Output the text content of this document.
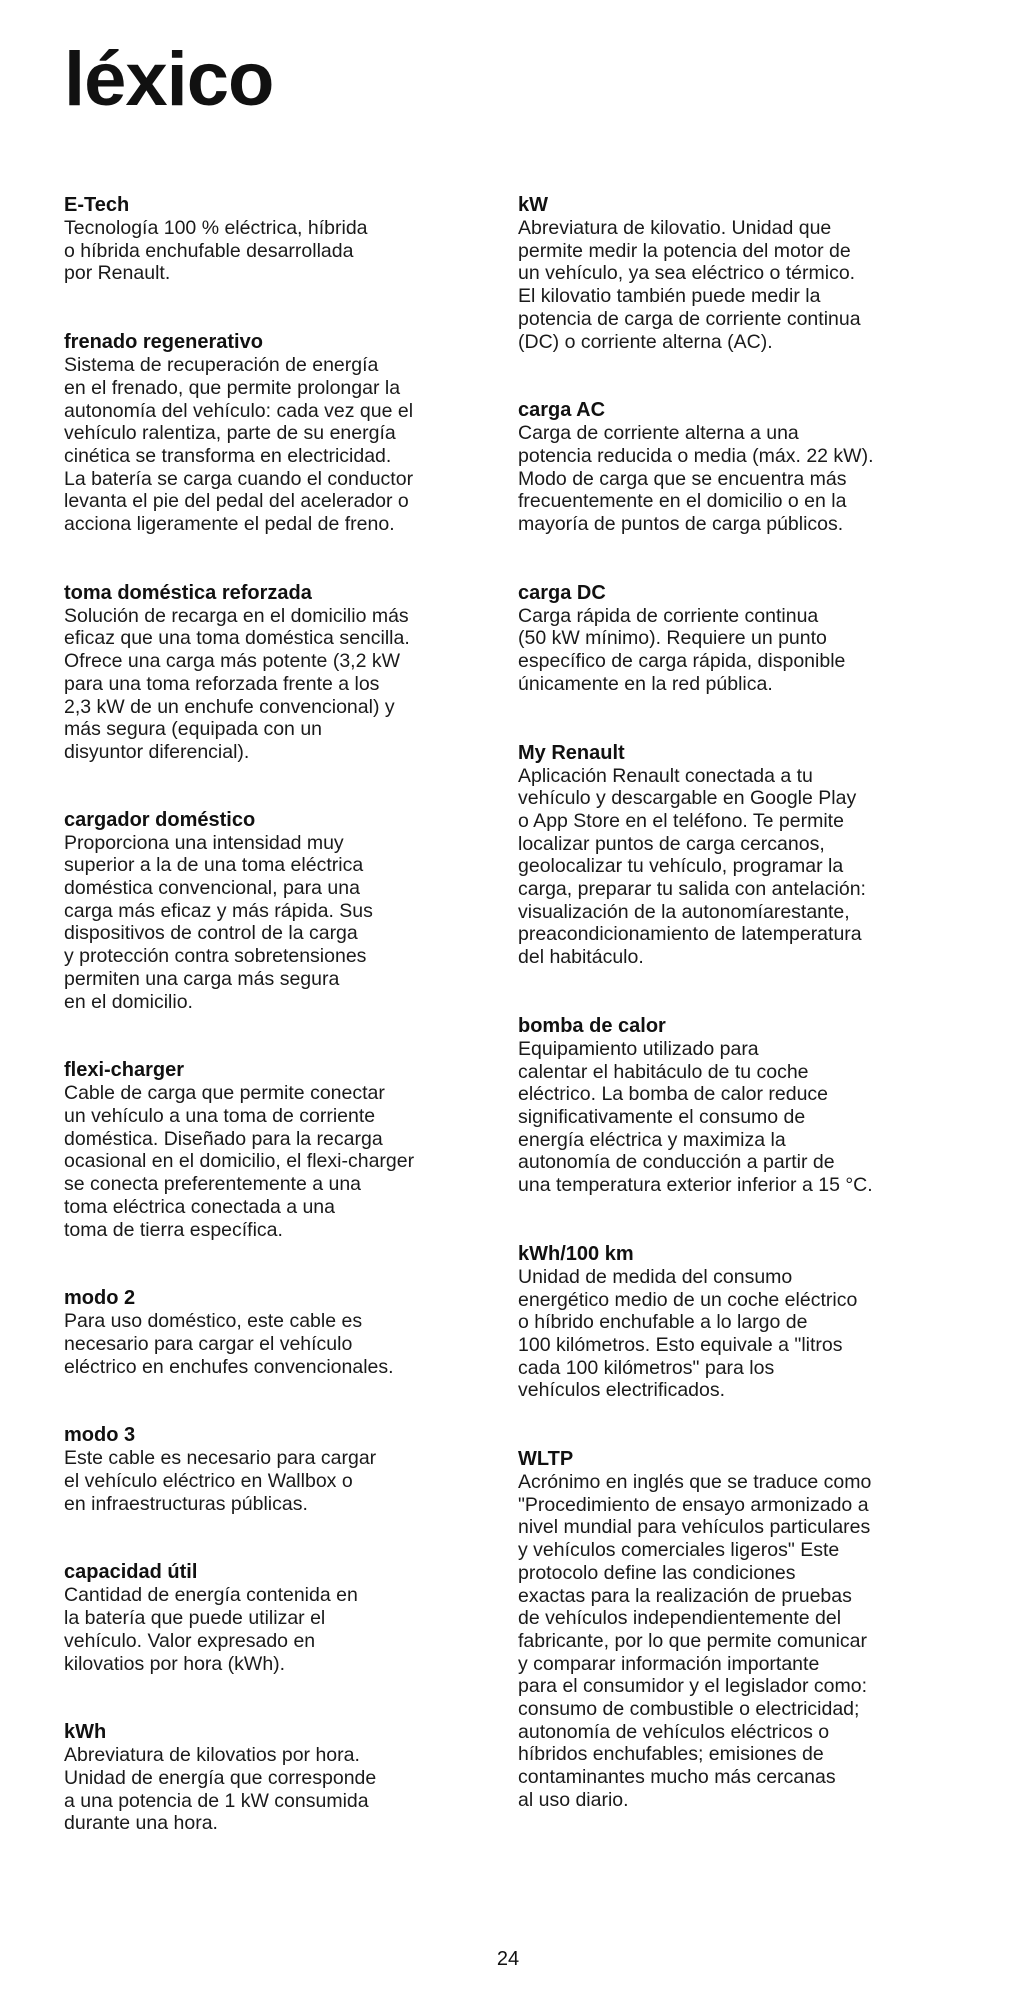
léxico

E-Tech

Tecnología 100 % eléctrica, híbrida
o híbrida enchufable desarrollada
por Renault.

frenado regenerativo

Sistema de recuperación de energía
en el frenado, que permite prolongar la
autonomía del vehículo: cada vez que el
vehículo ralentiza, parte de su energía
cinética se transforma en electricidad.
La batería se carga cuando el conductor
levanta el pie del pedal del acelerador o
acciona ligeramente el pedal de freno.

toma doméstica reforzada

Solución de recarga en el domicilio más
eficaz que una toma doméstica sencilla.
Ofrece una carga más potente (3,2 kW
para una toma reforzada frente a los
2,3 kW de un enchufe convencional) y
más segura (equipada con un
disyuntor diferencial).

cargador doméstico

Proporciona una intensidad muy
superior a la de una toma eléctrica
doméstica convencional, para una
carga más eficaz y más rápida. Sus
dispositivos de control de la carga
y protección contra sobretensiones
permiten una carga más segura
en el domicilio.

flexi-charger

Cable de carga que permite conectar
un vehículo a una toma de corriente
doméstica. Diseñado para la recarga
ocasional en el domicilio, el flexi-charger
se conecta preferentemente a una
toma eléctrica conectada a una
toma de tierra específica.

modo 2

Para uso doméstico, este cable es
necesario para cargar el vehículo
eléctrico en enchufes convencionales.

modo 3

Este cable es necesario para cargar
el vehículo eléctrico en Wallbox o
en infraestructuras públicas.

capacidad útil

Cantidad de energía contenida en
la batería que puede utilizar el
vehículo. Valor expresado en
kilovatios por hora (kWh).

kWh

Abreviatura de kilovatios por hora.
Unidad de energía que corresponde
a una potencia de 1 kW consumida
durante una hora.

kW

Abreviatura de kilovatio. Unidad que
permite medir la potencia del motor de
un vehículo, ya sea eléctrico o térmico.
El kilovatio también puede medir la
potencia de carga de corriente continua
(DC) o corriente alterna (AC).

carga AC

Carga de corriente alterna a una
potencia reducida o media (máx. 22 kW).
Modo de carga que se encuentra más
frecuentemente en el domicilio o en la
mayoría de puntos de carga públicos.

carga DC

Carga rápida de corriente continua
(50 kW mínimo). Requiere un punto
específico de carga rápida, disponible
únicamente en la red pública.

My Renault

Aplicación Renault conectada a tu
vehículo y descargable en Google Play
o App Store en el teléfono. Te permite
localizar puntos de carga cercanos,
geolocalizar tu vehículo, programar la
carga, preparar tu salida con antelación:
visualización de la autonomíarestante,
preacondicionamiento de latemperatura
del habitáculo.

bomba de calor

Equipamiento utilizado para
calentar el habitáculo de tu coche
eléctrico. La bomba de calor reduce
significativamente el consumo de
energía eléctrica y maximiza la
autonomía de conducción a partir de
una temperatura exterior inferior a 15 °C.

kWh/100 km

Unidad de medida del consumo
energético medio de un coche eléctrico
o híbrido enchufable a lo largo de
100 kilómetros. Esto equivale a "litros
cada 100 kilómetros" para los
vehículos electrificados.

WLTP

Acrónimo en inglés que se traduce como
"Procedimiento de ensayo armonizado a
nivel mundial para vehículos particulares
y vehículos comerciales ligeros" Este
protocolo define las condiciones
exactas para la realización de pruebas
de vehículos independientemente del
fabricante, por lo que permite comunicar
y comparar información importante
para el consumidor y el legislador como:
consumo de combustible o electricidad;
autonomía de vehículos eléctricos o
híbridos enchufables; emisiones de
contaminantes mucho más cercanas
al uso diario.

24
